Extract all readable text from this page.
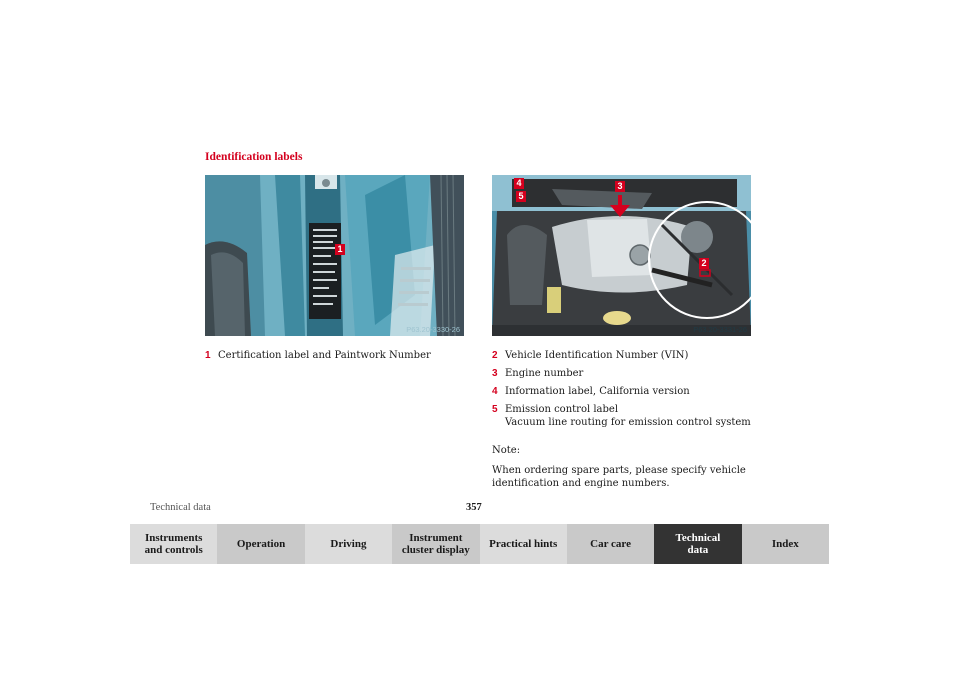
Identification labels
1
P63.20-3330-26
4
5
3
2
P63.20-3331-26
1 Certification label and Paintwork Number	2 Vehicle Identification Number (VIN)
3 Engine number
4 Information label, California version
5 Emission control label
Vacuum line routing for emission control system

Note:

When ordering spare parts, please specify vehicle identification and engine numbers.

Technical data	357
Instruments
and controls	Operation	Driving	Instrument
cluster display	Practical hints	Car care	Technical
data	Index
